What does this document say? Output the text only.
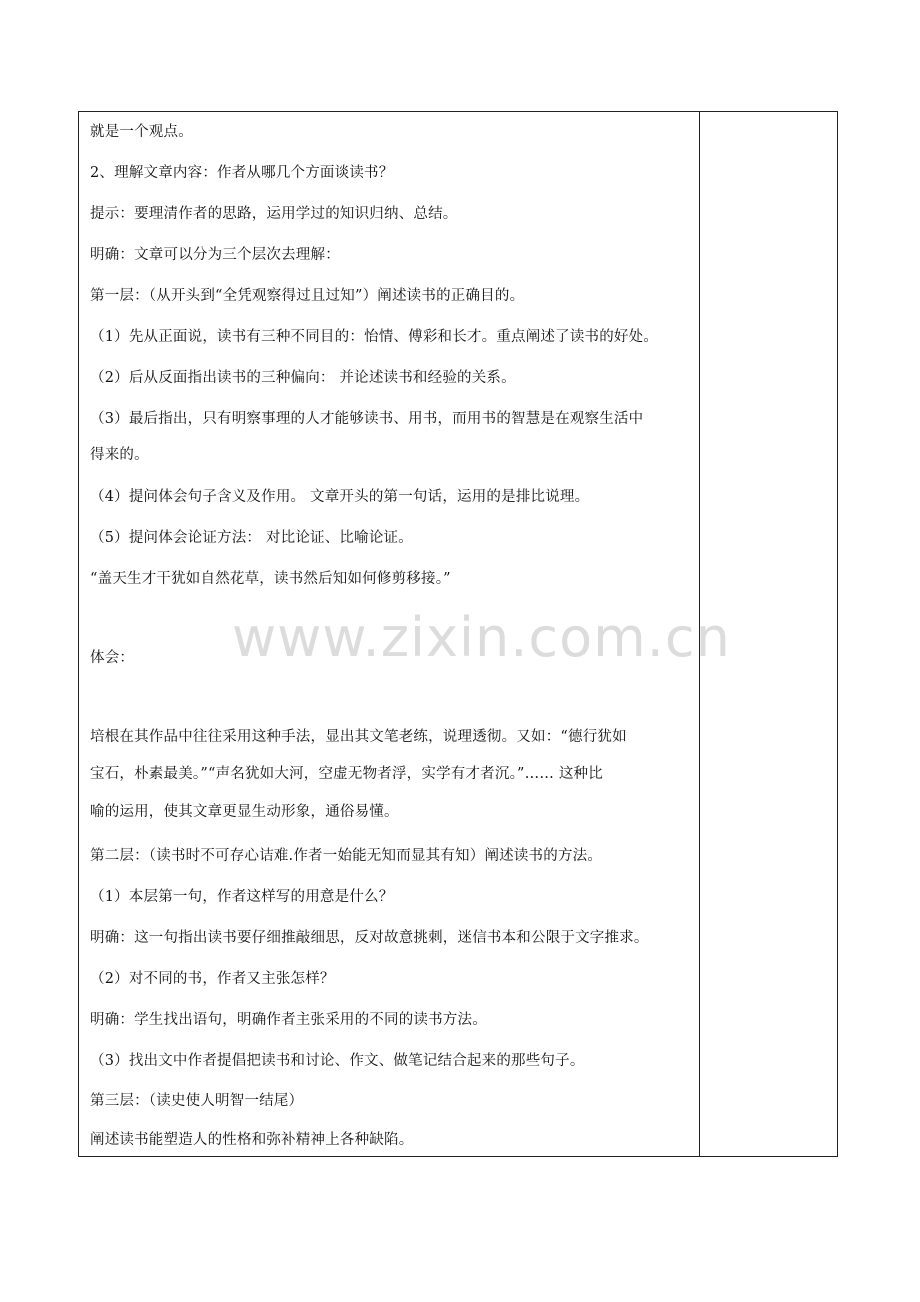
就是一个观点。
2、理解文章内容：作者从哪几个方面谈读书？
提示：要理清作者的思路，运用学过的知识归纳、总结。
明确：文章可以分为三个层次去理解：
第一层：（从开头到“全凭观察得过且过知”）阐述读书的正确目的。
（1）先从正面说，读书有三种不同目的：怡情、傅彩和长才。重点阐述了读书的好处。
（2）后从反面指出读书的三种偏向： 并论述读书和经验的关系。
（3）最后指出，只有明察事理的人才能够读书、用书，而用书的智慧是在观察生活中
得来的。
（4）提问体会句子含义及作用。 文章开头的第一句话，运用的是排比说理。
（5）提问体会论证方法： 对比论证、比喻论证。
“盖天生才干犹如自然花草，读书然后知如何修剪移接。”
体会：
培根在其作品中往往采用这种手法，显出其文笔老练，说理透彻。又如：“德行犹如
宝石，朴素最美。”“声名犹如大河，空虚无物者浮，实学有才者沉。”…… 这种比
喻的运用，使其文章更显生动形象，通俗易懂。
第二层：（读书时不可存心诘难.作者一始能无知而显其有知）阐述读书的方法。
（1）本层第一句，作者这样写的用意是什么？
明确：这一句指出读书要仔细推敲细思，反对故意挑刺，迷信书本和公限于文字推求。
（2）对不同的书，作者又主张怎样？
明确：学生找出语句，明确作者主张采用的不同的读书方法。
（3）找出文中作者提倡把读书和讨论、作文、做笔记结合起来的那些句子。
第三层：（读史使人明智一结尾）
阐述读书能塑造人的性格和弥补精神上各种缺陷。
www.zixin.com.cn
